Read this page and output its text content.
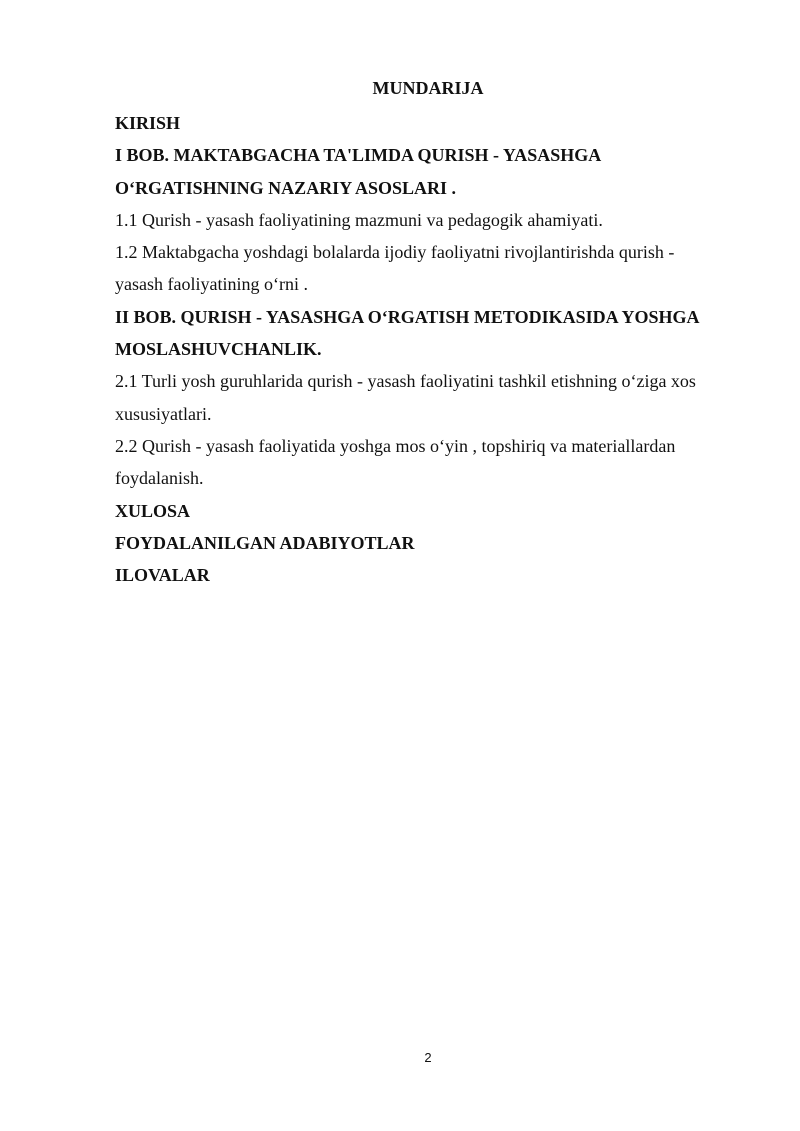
MUNDARIJA
KIRISH
I BOB. MAKTABGACHA TA'LIMDA QURISH - YASASHGA
O‘RGATISHNING NAZARIY ASOSLARI .
1.1 Qurish - yasash faoliyatining mazmuni va pedagogik ahamiyati.
1.2 Maktabgacha yoshdagi bolalarda ijodiy faoliyatni rivojlantirishda qurish -
yasash faoliyatining o‘rni .
II BOB. QURISH - YASASHGA O‘RGATISH METODIKASIDA YOSHGA
MOSLASHUVCHANLIK.
2.1 Turli yosh guruhlarida qurish - yasash faoliyatini tashkil etishning o‘ziga xos
xususiyatlari.
2.2 Qurish - yasash faoliyatida yoshga mos o‘yin , topshiriq va materiallardan
foydalanish.
XULOSA
FOYDALANILGAN ADABIYOTLAR
ILOVALAR
2
